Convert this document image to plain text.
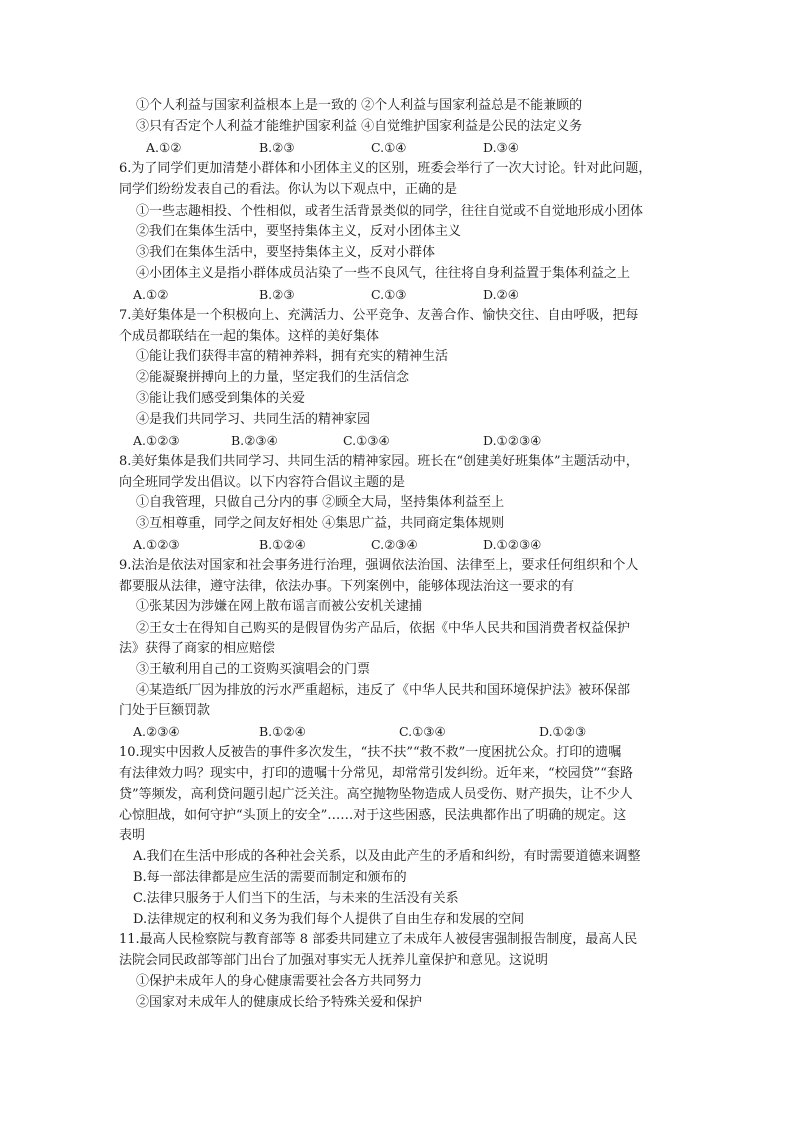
①个人利益与国家利益根本上是一致的 ②个人利益与国家利益总是不能兼顾的
③只有否定个人利益才能维护国家利益 ④自觉维护国家利益是公民的法定义务
A.①②	B.②③	C.①④	D.③④
6.为了同学们更加清楚小群体和小团体主义的区别，班委会举行了一次大讨论。针对此问题，
同学们纷纷发表自己的看法。你认为以下观点中，正确的是
①一些志趣相投、个性相似，或者生活背景类似的同学，往往自觉或不自觉地形成小团体
②我们在集体生活中，要坚持集体主义，反对小团体主义
③我们在集体生活中，要坚持集体主义，反对小群体
④小团体主义是指小群体成员沾染了一些不良风气，往往将自身利益置于集体利益之上
A.①②	B.②③	C.①③	D.②④
7.美好集体是一个积极向上、充满活力、公平竞争、友善合作、愉快交往、自由呼吸，把每
个成员都联结在一起的集体。这样的美好集体
①能让我们获得丰富的精神养料，拥有充实的精神生活
②能凝聚拼搏向上的力量，坚定我们的生活信念
③能让我们感受到集体的关爱
④是我们共同学习、共同生活的精神家园
A.①②③	B.②③④	C.①③④	D.①②③④
8.美好集体是我们共同学习、共同生活的精神家园。班长在“创建美好班集体”主题活动中，
向全班同学发出倡议。以下内容符合倡议主题的是
①自我管理，只做自己分内的事 ②顾全大局，坚持集体利益至上
③互相尊重，同学之间友好相处 ④集思广益，共同商定集体规则
A.①②③	B.①②④	C.②③④	D.①②③④
9.法治是依法对国家和社会事务进行治理，强调依法治国、法律至上，要求任何组织和个人
都要服从法律，遵守法律，依法办事。下列案例中，能够体现法治这一要求的有
①张某因为涉嫌在网上散布谣言而被公安机关逮捕
②王女士在得知自己购买的是假冒伪劣产品后，依据《中华人民共和国消费者权益保护
法》获得了商家的相应赔偿
③王敏利用自己的工资购买演唱会的门票
④某造纸厂因为排放的污水严重超标，违反了《中华人民共和国环境保护法》被环保部
门处于巨额罚款
A.②③④	B.①②④	C.①③④	D.①②③
10.现实中因救人反被告的事件多次发生，“扶不扶”“救不救”一度困扰公众。打印的遗嘱
有法律效力吗？现实中，打印的遗嘱十分常见，却常常引发纠纷。近年来，“校园贷”“套路
贷”等频发，高利贷问题引起广泛关注。高空抛物坠物造成人员受伤、财产损失，让不少人
心惊胆战，如何守护“头顶上的安全”……对于这些困惑，民法典都作出了明确的规定。这
表明
A.我们在生活中形成的各种社会关系，以及由此产生的矛盾和纠纷，有时需要道德来调整
B.每一部法律都是应生活的需要而制定和颁布的
C.法律只服务于人们当下的生活，与未来的生活没有关系
D.法律规定的权利和义务为我们每个人提供了自由生存和发展的空间
11.最高人民检察院与教育部等 8 部委共同建立了未成年人被侵害强制报告制度，最高人民
法院会同民政部等部门出台了加强对事实无人抚养儿童保护和意见。这说明
①保护未成年人的身心健康需要社会各方共同努力
②国家对未成年人的健康成长给予特殊关爱和保护
